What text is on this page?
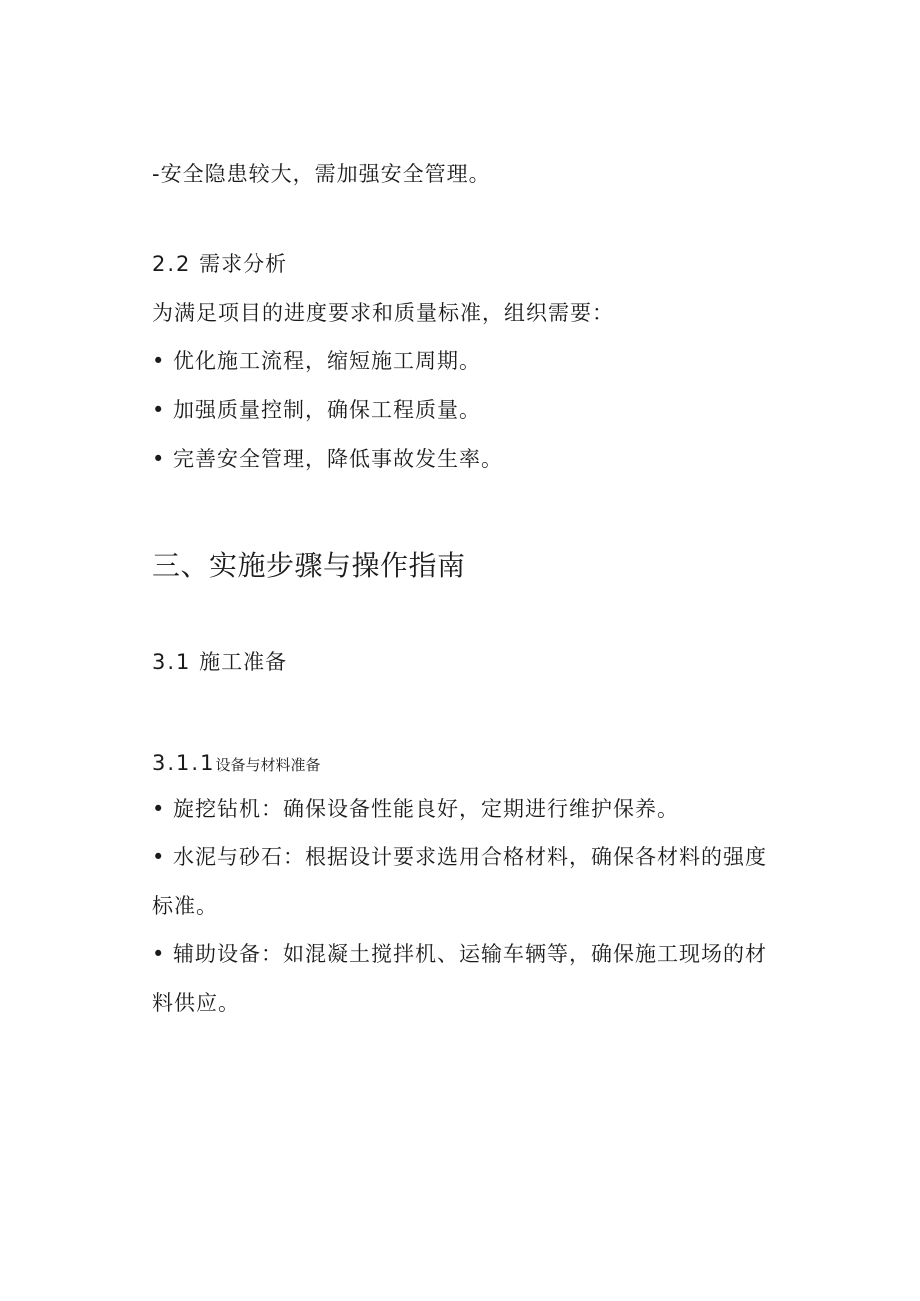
-安全隐患较大，需加强安全管理。
2.2 需求分析
为满足项目的进度要求和质量标准，组织需要：
• 优化施工流程，缩短施工周期。
• 加强质量控制，确保工程质量。
• 完善安全管理，降低事故发生率。
三、实施步骤与操作指南
3.1 施工准备
3.1.1设备与材料准备
• 旋挖钻机：确保设备性能良好，定期进行维护保养。
• 水泥与砂石：根据设计要求选用合格材料，确保各材料的强度
标准。
• 辅助设备：如混凝土搅拌机、运输车辆等，确保施工现场的材
料供应。
